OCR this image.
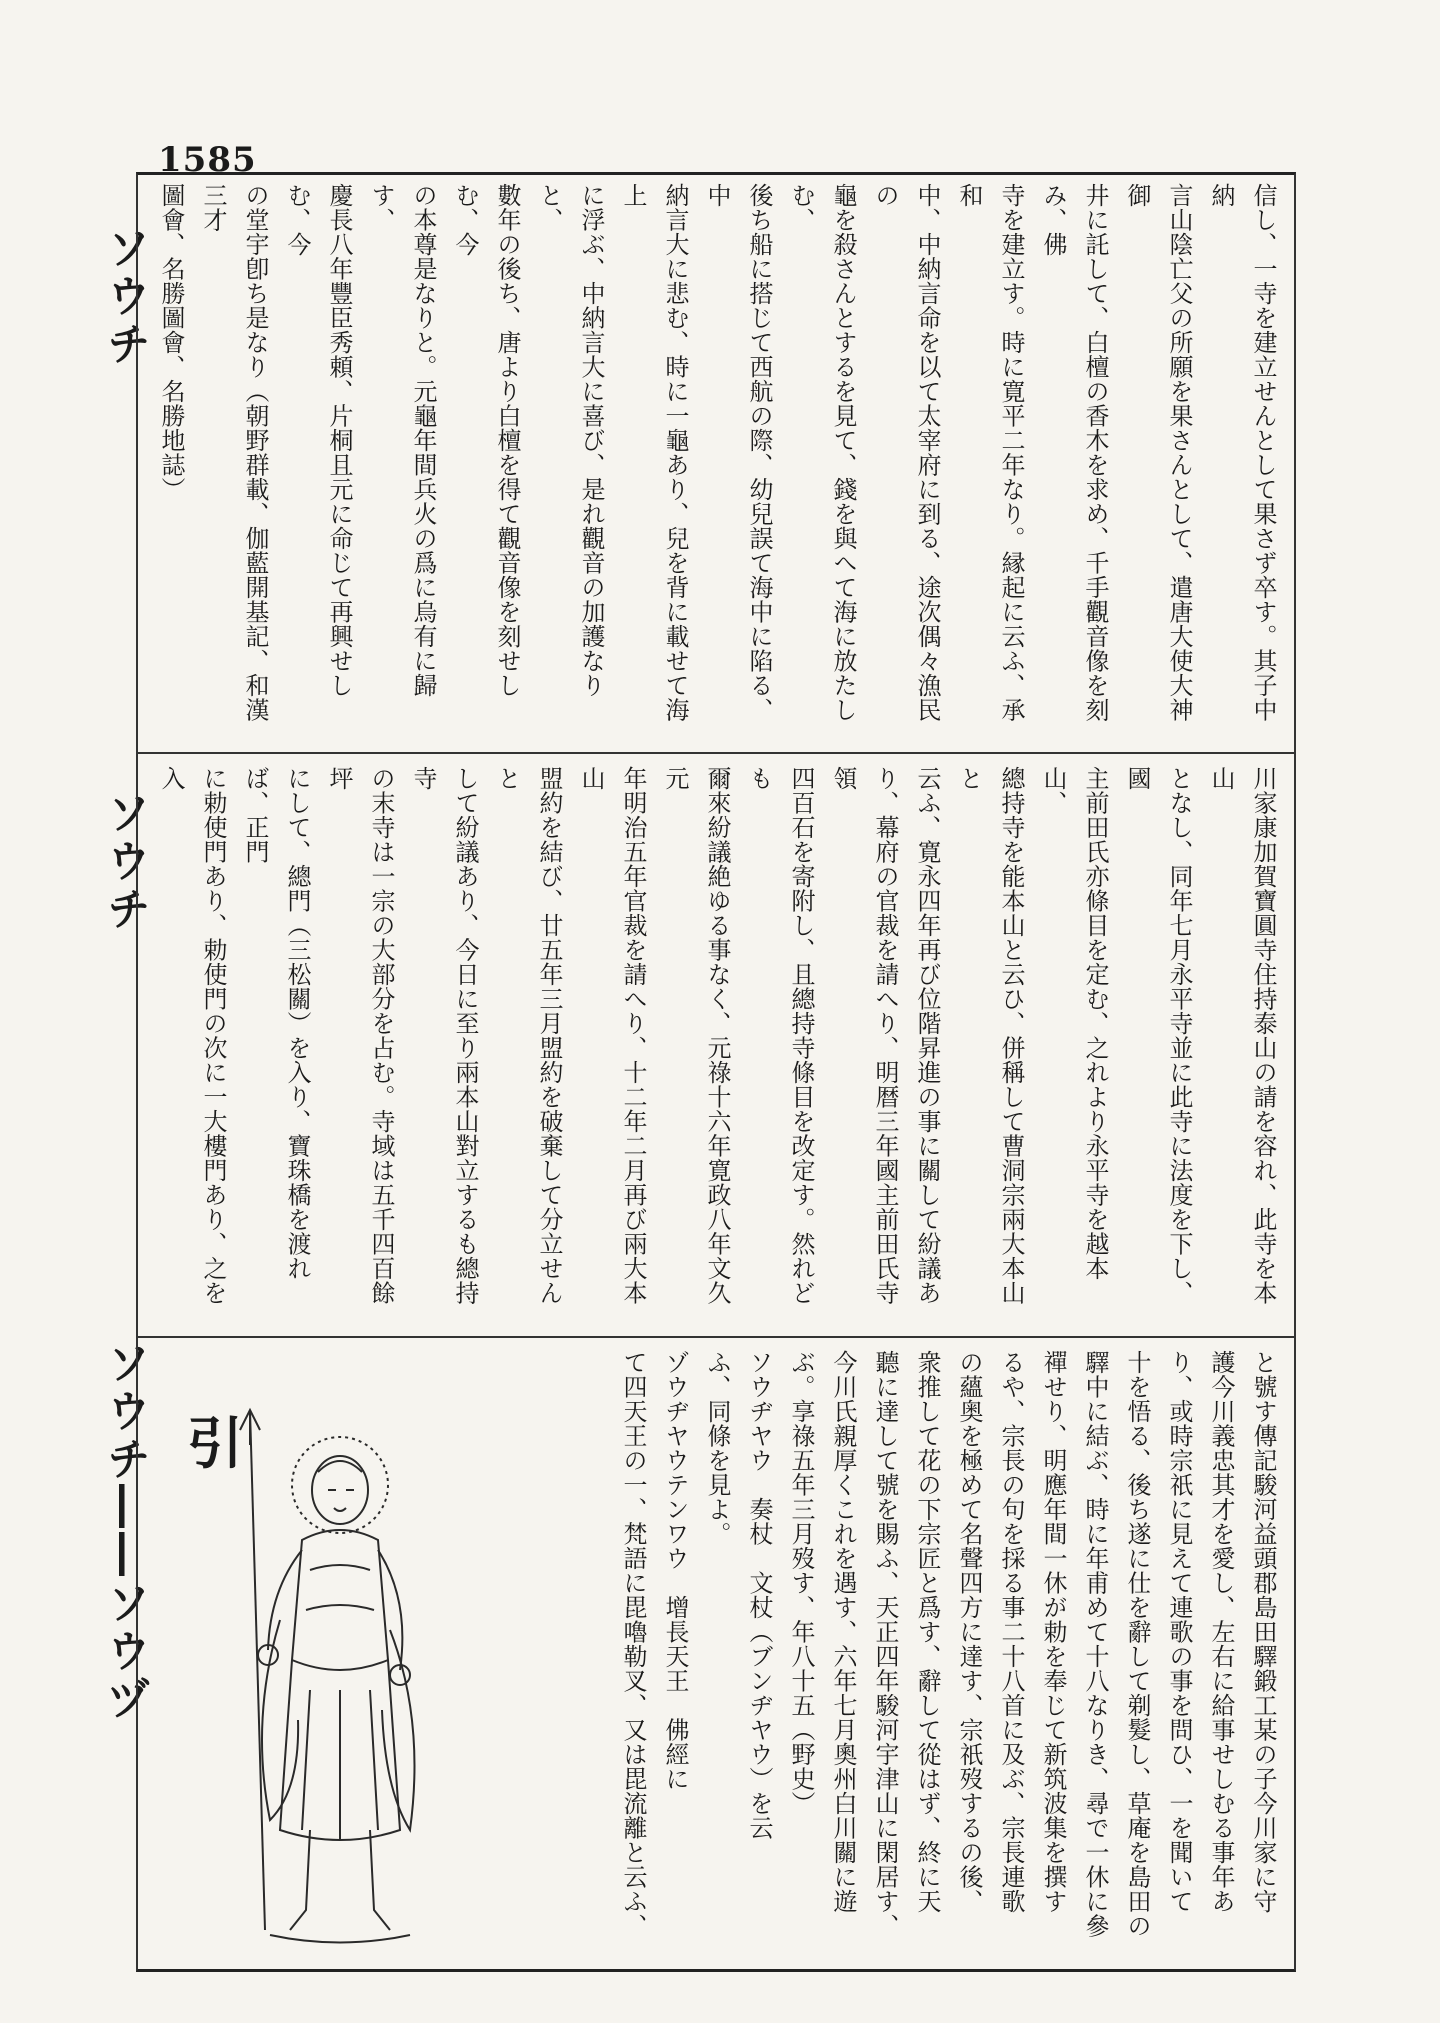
1585
ソウチ
ソウチ
ソウチ――ソウヅ
信し、一寺を建立せんとして果さず卒す。其子中納
言山陰亡父の所願を果さんとして、遣唐大使大神御
井に託して、白檀の香木を求め、千手觀音像を刻み、佛
寺を建立す。時に寛平二年なり。縁起に云ふ、承和
中、中納言命を以て太宰府に到る、途次偶々漁民の
龜を殺さんとするを見て、錢を與へて海に放たしむ、
後ち船に搭じて西航の際、幼兒誤て海中に陷る、中
納言大に悲む、時に一龜あり、兒を背に載せて海上
に浮ぶ、中納言大に喜び、是れ觀音の加護なりと、
數年の後ち、唐より白檀を得て觀音像を刻せしむ、今
の本尊是なりと。元龜年間兵火の爲に烏有に歸す、
慶長八年豐臣秀頼、片桐且元に命じて再興せしむ、今
の堂宇卽ち是なり（朝野群載、伽藍開基記、和漢三才
圖會、名勝圖會、名勝地誌）

川家康加賀寶圓寺住持泰山の請を容れ、此寺を本山
となし、同年七月永平寺並に此寺に法度を下し、國
主前田氏亦條目を定む、之れより永平寺を越本山、
總持寺を能本山と云ひ、併稱して曹洞宗兩大本山と
云ふ、寛永四年再び位階昇進の事に關して紛議あ
り、幕府の官裁を請へり、明暦三年國主前田氏寺領
四百石を寄附し、且總持寺條目を改定す。然れども
爾來紛議絶ゆる事なく、元祿十六年寛政八年文久元
年明治五年官裁を請へり、十二年二月再び兩大本山
盟約を結び、廿五年三月盟約を破棄して分立せんと
して紛議あり、今日に至り兩本山對立するも總持寺
の末寺は一宗の大部分を占む。寺域は五千四百餘坪
にして、總門（三松關）を入り、寶珠橋を渡れば、正門
に勅使門あり、勅使門の次に一大樓門あり、之を入

と號す傳記駿河益頭郡島田驛鍛工某の子今川家に守
護今川義忠其才を愛し、左右に給事せしむる事年あ
り、或時宗祇に見えて連歌の事を問ひ、一を聞いて
十を悟る、後ち遂に仕を辭して剃髮し、草庵を島田の
驛中に結ぶ、時に年甫めて十八なりき、尋で一休に參
禪せり、明應年間一休が勅を奉じて新筑波集を撰す
るや、宗長の句を採る事二十八首に及ぶ、宗長連歌
の蘊奥を極めて名聲四方に達す、宗祇歿するの後、
衆推して花の下宗匠と爲す、辭して從はず、終に天
聽に達して號を賜ふ、天正四年駿河宇津山に閑居す、
今川氏親厚くこれを遇す、六年七月奧州白川關に遊
ぶ。享祿五年三月歿す、年八十五（野史）
ソウヂヤウ　奏杖　文杖（ブンヂヤウ）を云
ふ、同條を見よ。
ゾウヂヤウテンワウ　增長天王　佛經に
て四天王の一、梵語に毘嚕勒叉、又は毘流離と云ふ、

引
